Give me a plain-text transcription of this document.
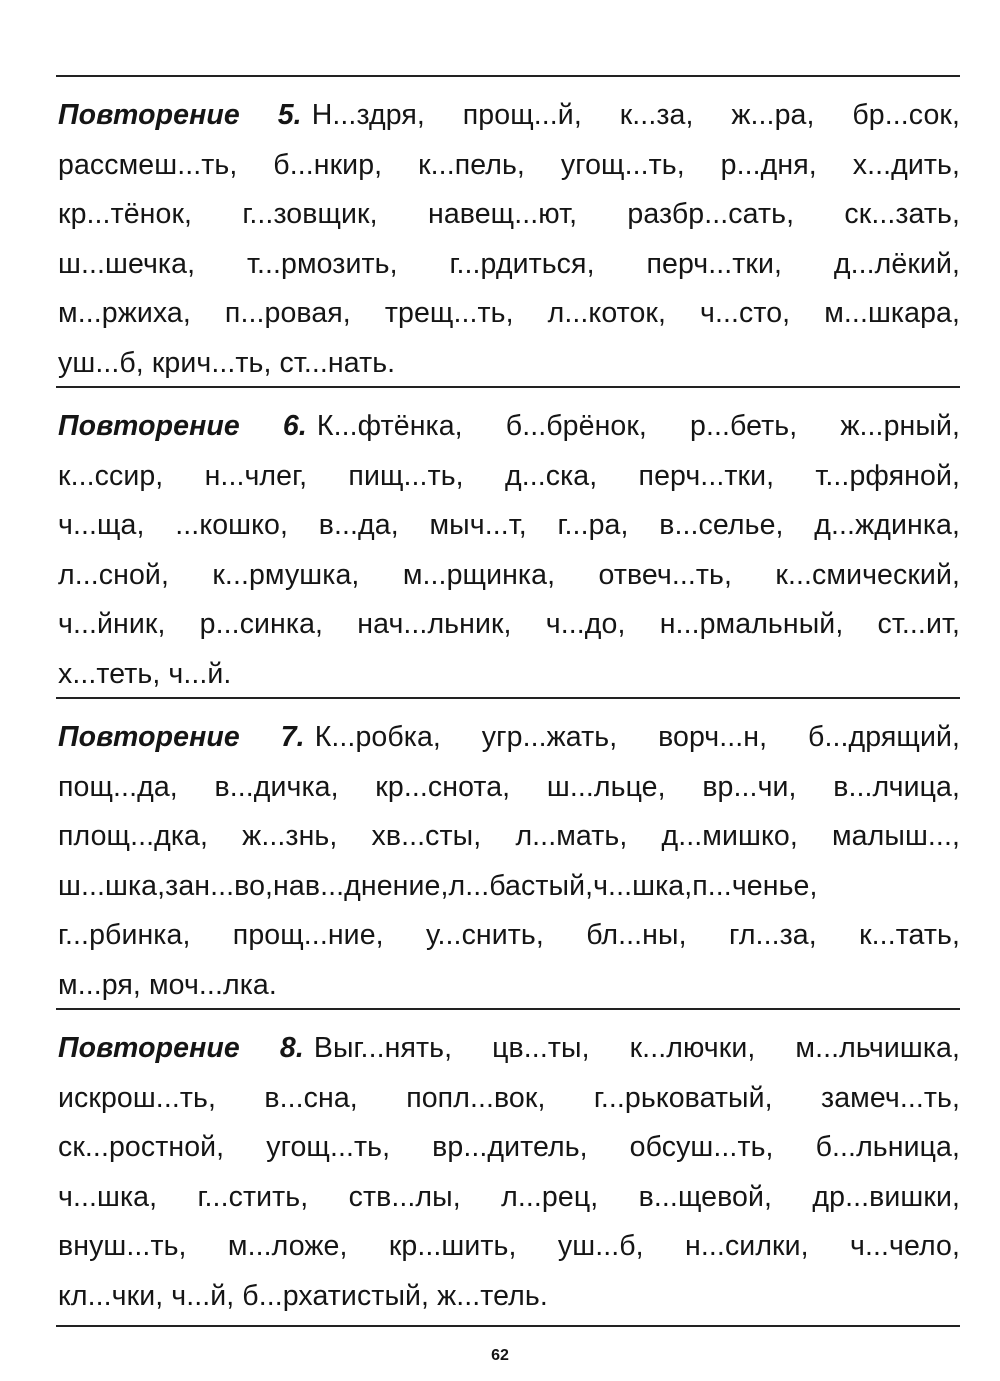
Повторение 5. Н...здря, прощ...й, к...за, ж...ра, бр...сок,
рассмеш...ть, б...нкир, к...пель, угощ...ть, р...дня, х...дить,
кр...тёнок, г...зовщик, навещ...ют, разбр...сать, ск...зать,
ш...шечка, т...рмозить, г...рдиться, перч...тки, д...лёкий,
м...ржиха, п...ровая, трещ...ть, л...коток, ч...сто, м...шкара,
уш...б, крич...ть, ст...нать.
Повторение 6. К...фтёнка, б...брёнок, р...беть, ж...рный,
к...ссир, н...члег, пищ...ть, д...ска, перч...тки, т...рфяной,
ч...ща, ...кошко, в...да, мыч...т, г...ра, в...селье, д...ждинка,
л...сной, к...рмушка, м...рщинка, отвеч...ть, к...смический,
ч...йник, р...синка, нач...льник, ч...до, н...рмальный, ст...ит,
х...теть, ч...й.
Повторение 7. К...робка, угр...жать, ворч...н, б...дрящий,
пощ...да, в...дичка, кр...снота, ш...льце, вр...чи, в...лчица,
площ...дка, ж...знь, хв...сты, л...мать, д...мишко, малыш...,
ш...шка,зан...во,нав...днение,л...бастый,ч...шка,п...ченье,
г...рбинка, прощ...ние, у...снить, бл...ны, гл...за, к...тать,
м...ря, моч...лка.
Повторение 8. Выг...нять, цв...ты, к...лючки, м...льчишка,
искрош...ть, в...сна, попл...вок, г...рьковатый, замеч...ть,
ск...ростной, угощ...ть, вр...дитель, обсуш...ть, б...льница,
ч...шка, г...стить, ств...лы, л...рец, в...щевой, др...вишки,
внуш...ть, м...ложе, кр...шить, уш...б, н...силки, ч...чело,
кл...чки, ч...й, б...рхатистый, ж...тель.
62
